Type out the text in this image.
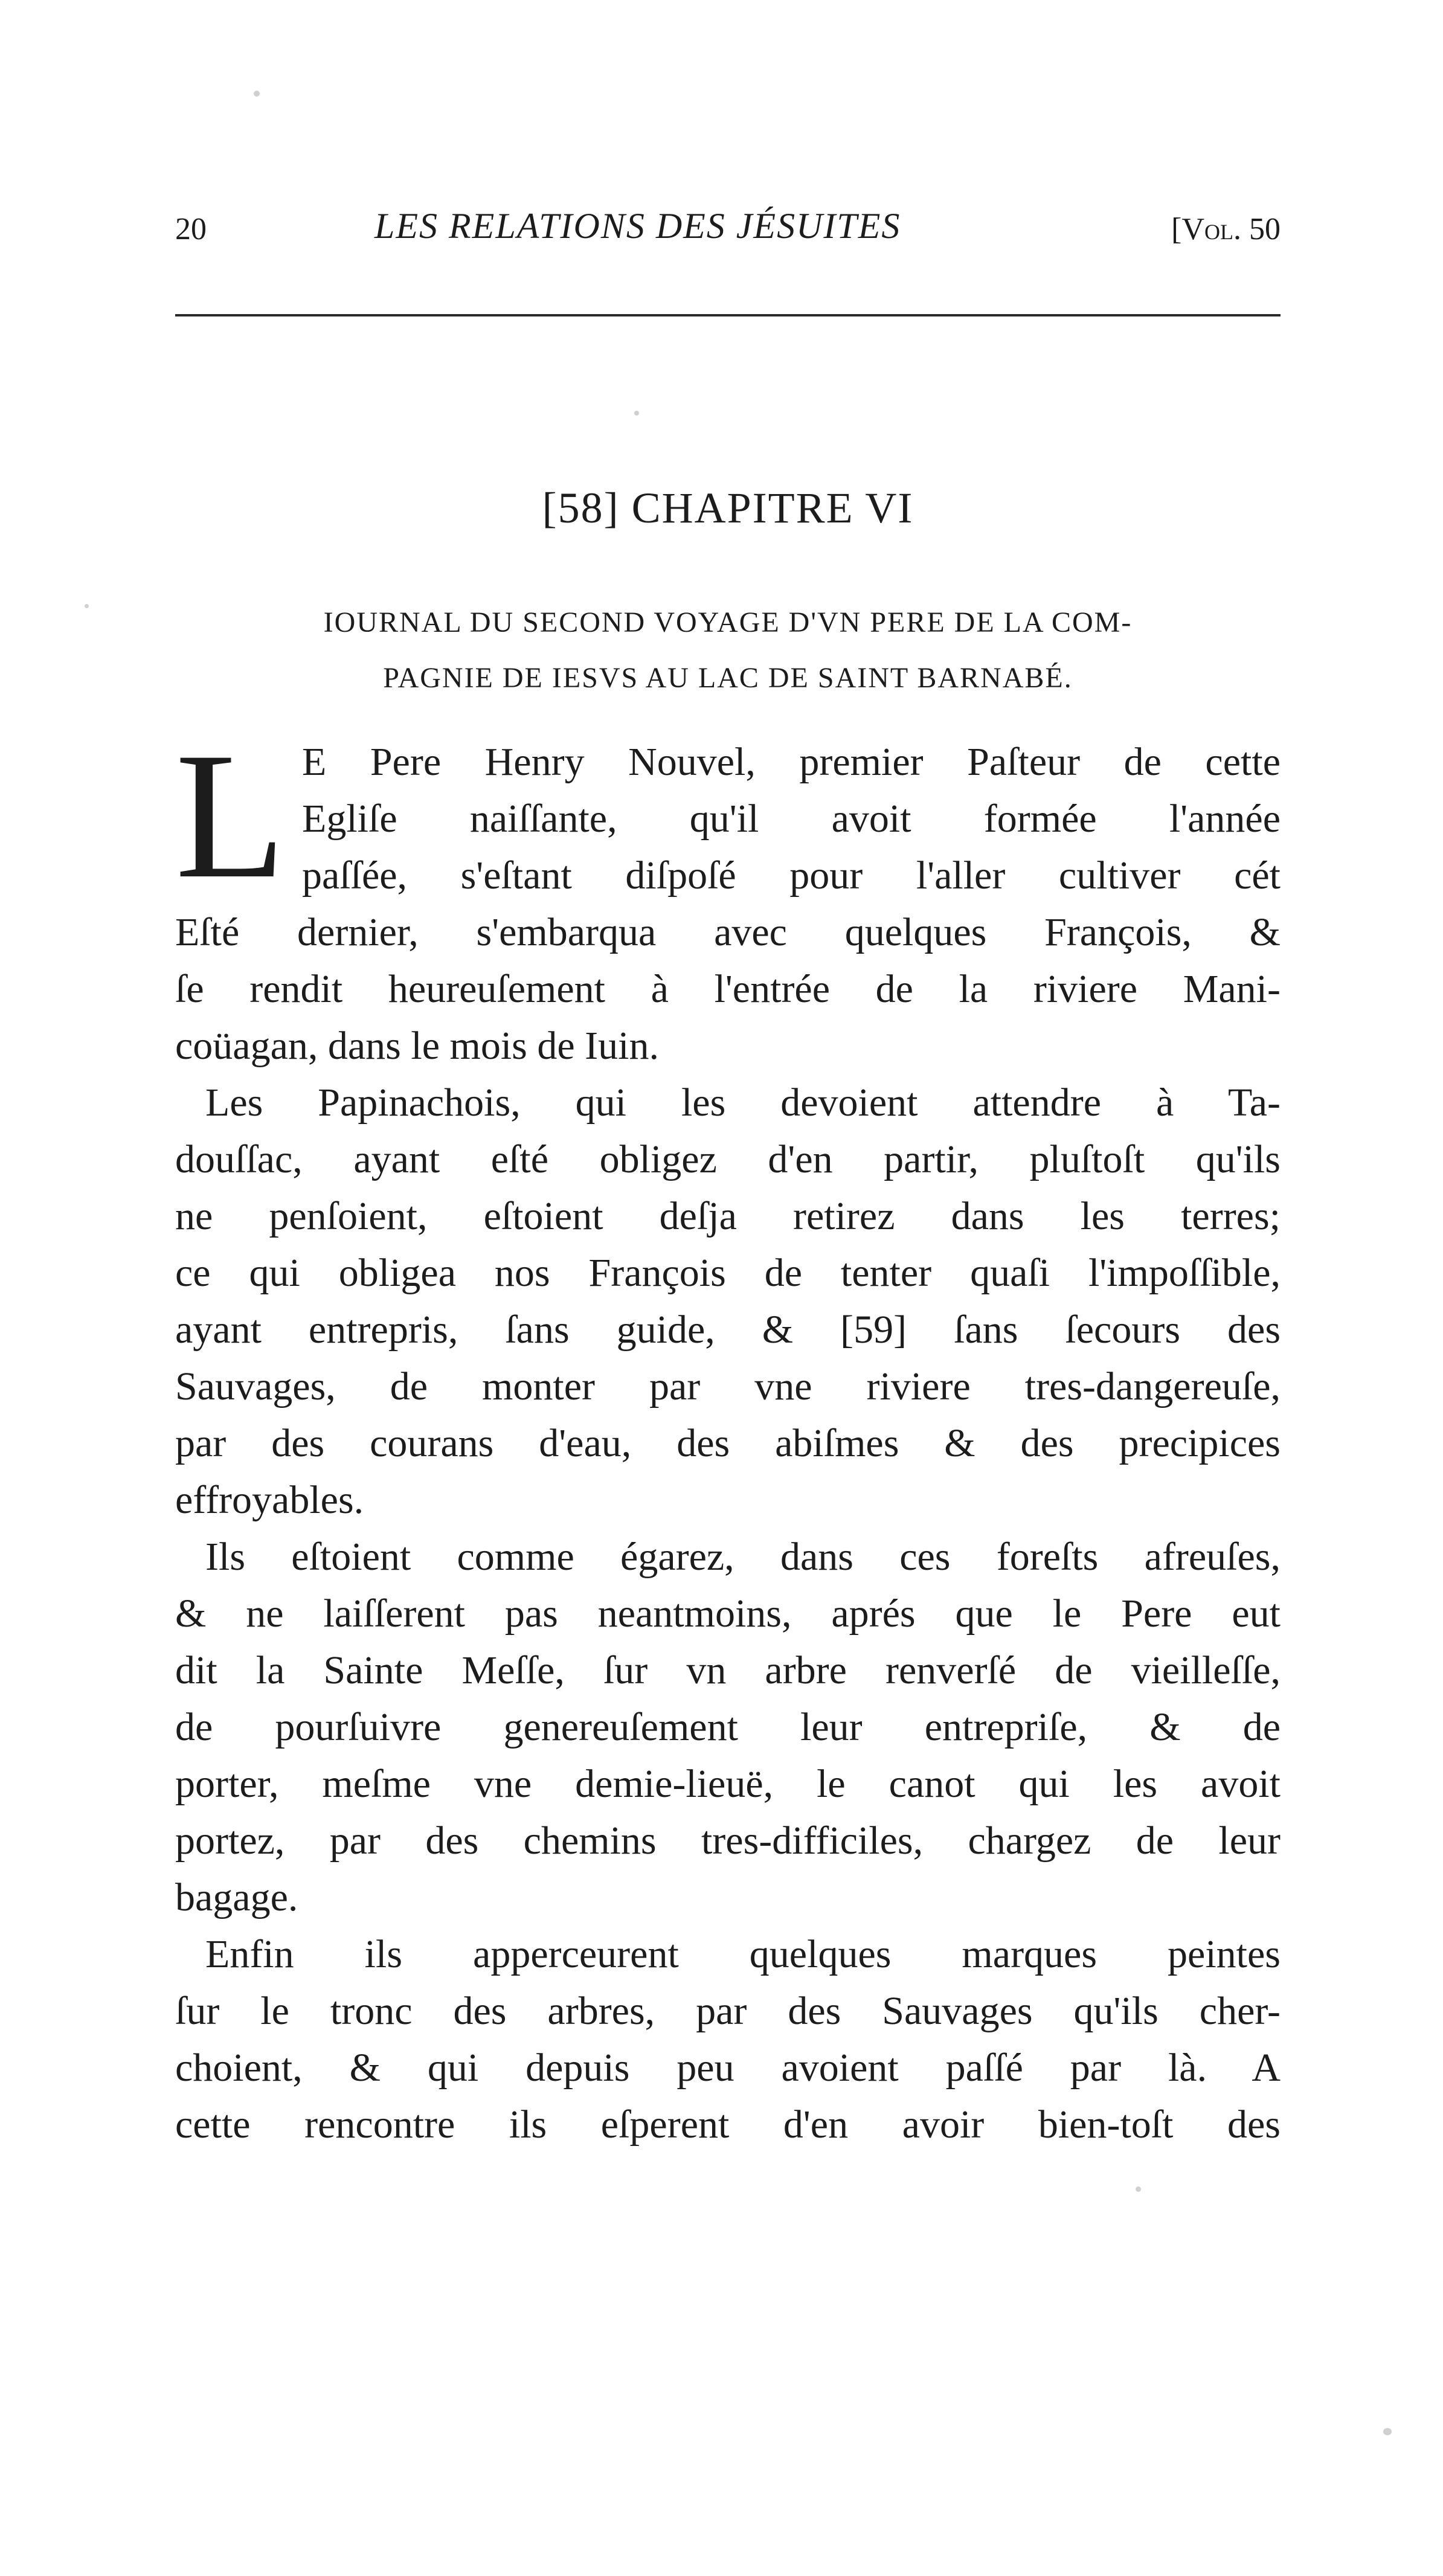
20	LES RELATIONS DES JÉSUITES	[Vol. 50
[58] CHAPITRE VI
IOURNAL DU SECOND VOYAGE D'VN PERE DE LA COM-
PAGNIE DE IESVS AU LAC DE SAINT BARNABÉ.
L E Pere Henry Nouvel, premier Paſteur de cette
Egliſe naiſſante, qu'il avoit formée l'année
paſſée, s'eſtant diſpoſé pour l'aller cultiver cét
Eſté dernier, s'embarqua avec quelques François, &
ſe rendit heureuſement à l'entrée de la riviere Mani-
coüagan, dans le mois de Iuin.
Les Papinachois, qui les devoient attendre à Ta-
douſſac, ayant eſté obligez d'en partir, pluſtoſt qu'ils
ne penſoient, eſtoient deſja retirez dans les terres;
ce qui obligea nos François de tenter quaſi l'impoſſible,
ayant entrepris, ſans guide, & [59] ſans ſecours des
Sauvages, de monter par vne riviere tres-dangereuſe,
par des courans d'eau, des abiſmes & des precipices
effroyables.
Ils eſtoient comme égarez, dans ces foreſts afreuſes,
& ne laiſſerent pas neantmoins, aprés que le Pere eut
dit la Sainte Meſſe, ſur vn arbre renverſé de vieilleſſe,
de pourſuivre genereuſement leur entrepriſe, & de
porter, meſme vne demie-lieuë, le canot qui les avoit
portez, par des chemins tres-difficiles, chargez de leur
bagage.
Enfin ils apperceurent quelques marques peintes
ſur le tronc des arbres, par des Sauvages qu'ils cher-
choient, & qui depuis peu avoient paſſé par là. A
cette rencontre ils eſperent d'en avoir bien-toſt des
